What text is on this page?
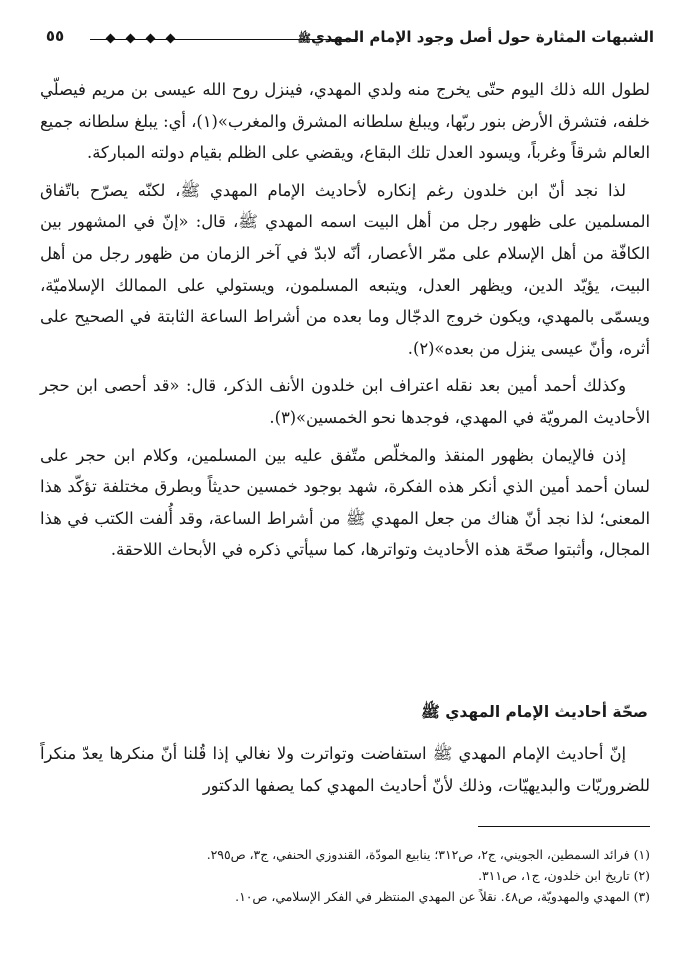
الشبهات المثارة حول أصل وجود الإمام المهديﷺ
٥٥

لطول الله ذلك اليوم حتّى يخرج منه ولدي المهدي، فينزل روح الله عيسى بن مريم فيصلّي خلفه، فتشرق الأرض بنور ربّها، ويبلغ سلطانه المشرق والمغرب»(١)، أي: يبلغ سلطانه جميع العالم شرقاً وغرباً، ويسود العدل تلك البقاع، ويقضي على الظلم بقيام دولته المباركة.

لذا نجد أنّ ابن خلدون رغم إنكاره لأحاديث الإمام المهدي ﷺ، لكنّه يصرّح باتّفاق المسلمين على ظهور رجل من أهل البيت اسمه المهدي ﷺ، قال: «إنّ في المشهور بين الكافّة من أهل الإسلام على ممّر الأعصار، أنّه لابدّ في آخر الزمان من ظهور رجل من أهل البيت، يؤيّد الدين، ويظهر العدل، ويتبعه المسلمون، ويستولي على الممالك الإسلاميّة، ويسمّى بالمهدي، ويكون خروج الدجّال وما بعده من أشراط الساعة الثابتة في الصحيح على أثره، وأنّ عيسى ينزل من بعده»(٢).

وكذلك أحمد أمين بعد نقله اعتراف ابن خلدون الأنف الذكر، قال: «قد أحصى ابن حجر الأحاديث المرويّة في المهدي، فوجدها نحو الخمسين»(٣).

إذن فالإيمان بظهور المنقذ والمخلّص متّفق عليه بين المسلمين، وكلام ابن حجر على لسان أحمد أمين الذي أنكر هذه الفكرة، شهد بوجود خمسين حديثاً وبطرق مختلفة تؤكّد هذا المعنى؛ لذا نجد أنّ هناك من جعل المهدي ﷺ من أشراط الساعة، وقد أُلفت الكتب في هذا المجال، وأثبتوا صحّة هذه الأحاديث وتواترها، كما سيأتي ذكره في الأبحاث اللاحقة.

صحّة أحاديث الإمام المهدي ﷺ

إنّ أحاديث الإمام المهدي ﷺ استفاضت وتواترت ولا نغالي إذا قُلنا أنّ منكرها يعدّ منكراً للضروريّات والبديهيّات، وذلك لأنّ أحاديث المهدي كما يصفها الدكتور

(١) فرائد السمطين، الجويني، ج٢، ص٣١٢؛ ينابيع المودّة، القندوزي الحنفي، ج٣، ص٢٩٥.
(٢) تاريخ ابن خلدون، ج١، ص٣١١.
(٣) المهدي والمهدويّة، ص٤٨. نقلاً عن المهدي المنتظر في الفكر الإسلامي، ص١٠.
